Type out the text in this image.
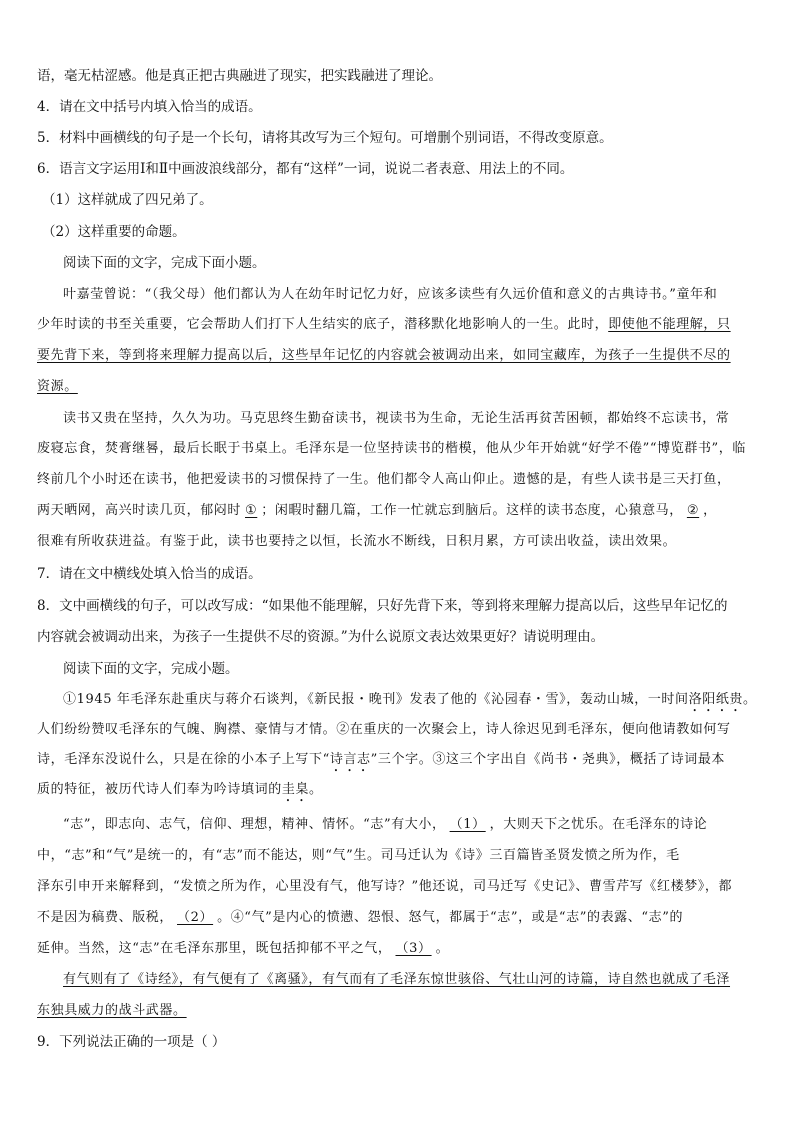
语，毫无枯涩感。他是真正把古典融进了现实，把实践融进了理论。
4．请在文中括号内填入恰当的成语。
5．材料中画横线的句子是一个长句，请将其改写为三个短句。可增删个别词语，不得改变原意。
6．语言文字运用Ⅰ和Ⅱ中画波浪线部分，都有“这样”一词，说说二者表意、用法上的不同。
（1）这样就成了四兄弟了。
（2）这样重要的命题。
阅读下面的文字，完成下面小题。
叶嘉莹曾说：“（我父母）他们都认为人在幼年时记忆力好，应该多读些有久远价值和意义的古典诗书。”童年和
少年时读的书至关重要，它会帮助人们打下人生结实的底子，潜移默化地影响人的一生。此时，即使他不能理解，只
要先背下来，等到将来理解力提高以后，这些早年记忆的内容就会被调动出来，如同宝藏库，为孩子一生提供不尽的
资源。
读书又贵在坚持，久久为功。马克思终生勤奋读书，视读书为生命，无论生活再贫苦困顿，都始终不忘读书，常
废寝忘食，焚膏继晷，最后长眠于书桌上。毛泽东是一位坚持读书的楷模，他从少年开始就“好学不倦”“博览群书”，临
终前几个小时还在读书，他把爱读书的习惯保持了一生。他们都令人高山仰止。遗憾的是，有些人读书是三天打鱼，
两天晒网，高兴时读几页，郁闷时 ① ；闲暇时翻几篇，工作一忙就忘到脑后。这样的读书态度，心猿意马， ② ，
很难有所收获进益。有鉴于此，读书也要持之以恒，长流水不断线，日积月累，方可读出收益，读出效果。
7．请在文中横线处填入恰当的成语。
8．文中画横线的句子，可以改写成：“如果他不能理解，只好先背下来，等到将来理解力提高以后，这些早年记忆的
内容就会被调动出来，为孩子一生提供不尽的资源。”为什么说原文表达效果更好？请说明理由。
阅读下面的文字，完成小题。
①1945 年毛泽东赴重庆与蒋介石谈判，《新民报・晚刊》发表了他的《沁园春・雪》，轰动山城，一时间洛阳纸贵。
人们纷纷赞叹毛泽东的气魄、胸襟、豪情与才情。②在重庆的一次聚会上，诗人徐迟见到毛泽东，便向他请教如何写
诗，毛泽东没说什么，只是在徐的小本子上写下“诗言志”三个字。③这三个字出自《尚书・尧典》，概括了诗词最本
质的特征，被历代诗人们奉为吟诗填词的圭臬。
“志”，即志向、志气，信仰、理想，精神、情怀。“志”有大小， （1） ，大则天下之忧乐。在毛泽东的诗论
中，“志”和“气”是统一的，有“志”而不能达，则“气”生。司马迁认为《诗》三百篇皆圣贤发愤之所为作，毛
泽东引申开来解释到，“发愤之所为作，心里没有气，他写诗？”他还说，司马迁写《史记》、曹雪芹写《红楼梦》，都
不是因为稿费、版税， （2） 。④“气”是内心的愤懑、怨恨、怒气，都属于“志”，或是“志”的表露、“志”的
延伸。当然，这“志”在毛泽东那里，既包括抑郁不平之气， （3） 。
有气则有了《诗经》，有气便有了《离骚》，有气而有了毛泽东惊世骇俗、气壮山河的诗篇，诗自然也就成了毛泽
东独具威力的战斗武器。
9．下列说法正确的一项是（ ）
